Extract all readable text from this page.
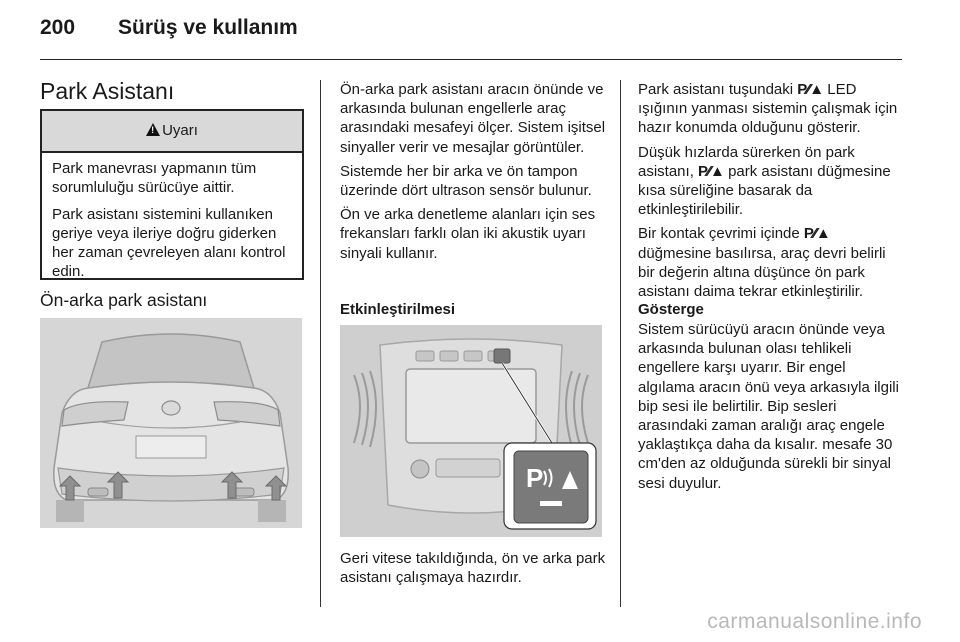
200 Sürüş ve kullanım
Park Asistanı
!Uyarı

Park manevrası yapmanın tüm sorumluluğu sürücüye aittir.

Park asistanı sistemini kullanıken geriye veya ileriye doğru giderken her zaman çevreleyen alanı kontrol edin.

Ön-arka park asistanı

Ön-arka park asistanı aracın önünde ve arkasında bulunan engellerle araç arasındaki mesafeyi ölçer. Sistem işitsel sinyaller verir ve mesajlar görüntüler.

Sistemde her bir arka ve ön tampon üzerinde dört ultrason sensör bulunur.

Ön ve arka denetleme alanları için ses frekansları farklı olan iki akustik uyarı sinyali kullanır.

Etkinleştirilmesi
P
Geri vitese takıldığında, ön ve arka park asistanı çalışmaya hazırdır.

Park asistanı tuşundaki P⁄⁄▲ LED ışığının yanması sistemin çalışmak için hazır konumda olduğunu gösterir.

Düşük hızlarda sürerken ön park asistanı, P⁄⁄▲ park asistanı düğmesine kısa süreliğine basarak da etkinleştirilebilir.

Bir kontak çevrimi içinde P⁄⁄▲ düğmesine basılırsa, araç devri belirli bir değerin altına düşünce ön park asistanı daima tekrar etkinleştirilir.

Gösterge
Sistem sürücüyü aracın önünde veya arkasında bulunan olası tehlikeli engellere karşı uyarır. Bir engel algılama aracın önü veya arkasıyla ilgili bip sesi ile belirtilir. Bip sesleri arasındaki zaman aralığı araç engele yaklaştıkça daha da kısalır. mesafe 30 cm'den az olduğunda sürekli bir sinyal sesi duyulur.
carmanualsonline.info
